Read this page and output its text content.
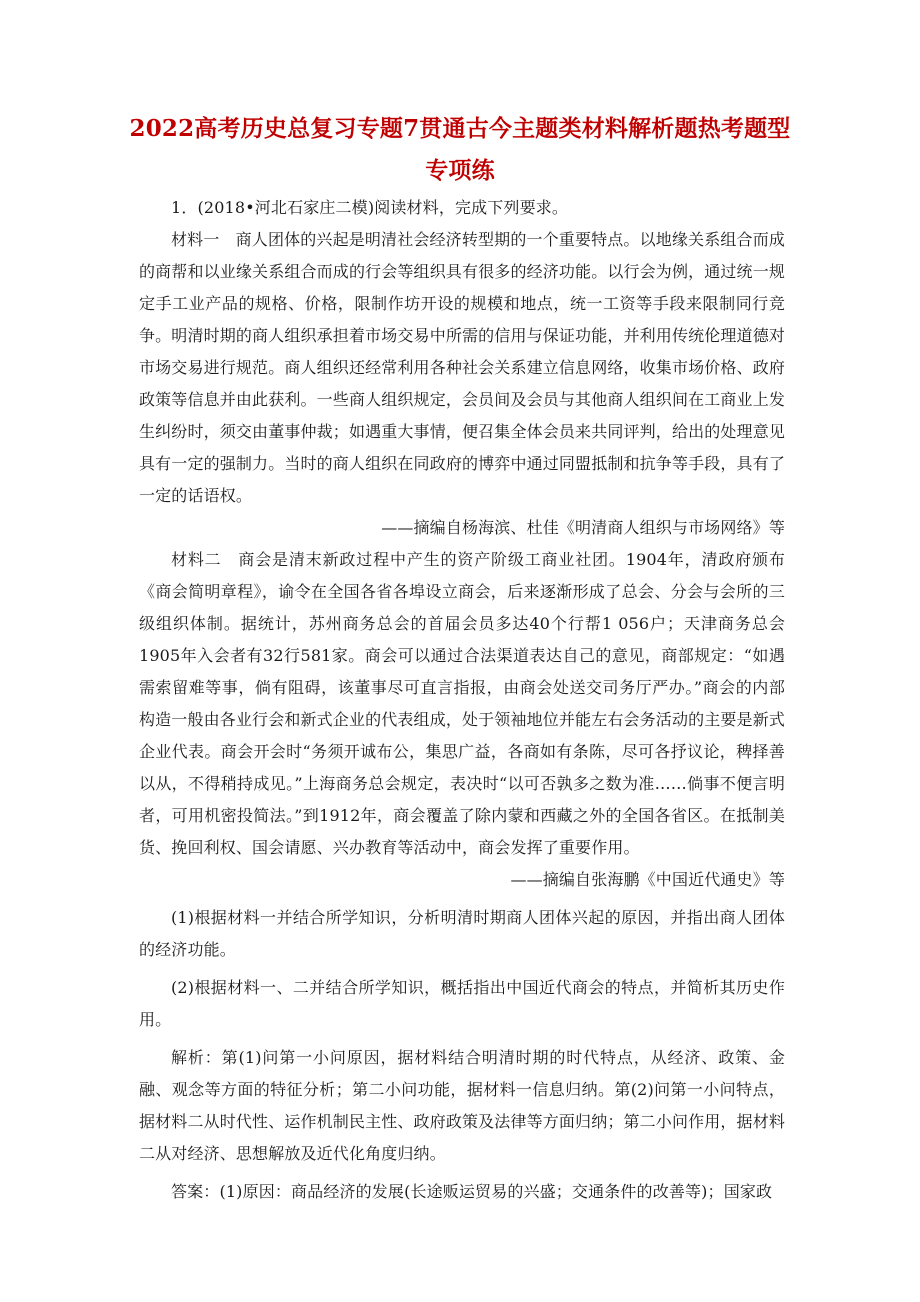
2022高考历史总复习专题7贯通古今主题类材料解析题热考题型专项练

1．(2018•河北石家庄二模)阅读材料，完成下列要求。

材料一　商人团体的兴起是明清社会经济转型期的一个重要特点。以地缘关系组合而成的商帮和以业缘关系组合而成的行会等组织具有很多的经济功能。以行会为例，通过统一规定手工业产品的规格、价格，限制作坊开设的规模和地点，统一工资等手段来限制同行竞争。明清时期的商人组织承担着市场交易中所需的信用与保证功能，并利用传统伦理道德对市场交易进行规范。商人组织还经常利用各种社会关系建立信息网络，收集市场价格、政府政策等信息并由此获利。一些商人组织规定，会员间及会员与其他商人组织间在工商业上发生纠纷时，须交由董事仲裁；如遇重大事情，便召集全体会员来共同评判，给出的处理意见具有一定的强制力。当时的商人组织在同政府的博弈中通过同盟抵制和抗争等手段，具有了一定的话语权。

——摘编自杨海滨、杜佳《明清商人组织与市场网络》等

材料二　商会是清末新政过程中产生的资产阶级工商业社团。1904年，清政府颁布《商会简明章程》，谕令在全国各省各埠设立商会，后来逐渐形成了总会、分会与会所的三级组织体制。据统计，苏州商务总会的首届会员多达40个行帮1 056户；天津商务总会1905年入会者有32行581家。商会可以通过合法渠道表达自己的意见，商部规定：“如遇需索留难等事，倘有阻碍，该董事尽可直言指报，由商会处送交司务厅严办。”商会的内部构造一般由各业行会和新式企业的代表组成，处于领袖地位并能左右会务活动的主要是新式企业代表。商会开会时“务须开诚布公，集思广益，各商如有条陈，尽可各抒议论，稗择善以从，不得稍持成见。”上海商务总会规定，表决时“以可否孰多之数为准……倘事不便言明者，可用机密投简法。”到1912年，商会覆盖了除内蒙和西藏之外的全国各省区。在抵制美货、挽回利权、国会请愿、兴办教育等活动中，商会发挥了重要作用。

——摘编自张海鹏《中国近代通史》等

(1)根据材料一并结合所学知识，分析明清时期商人团体兴起的原因，并指出商人团体的经济功能。

(2)根据材料一、二并结合所学知识，概括指出中国近代商会的特点，并简析其历史作用。

解析：第(1)问第一小问原因，据材料结合明清时期的时代特点，从经济、政策、金融、观念等方面的特征分析；第二小问功能，据材料一信息归纳。第(2)问第一小问特点，据材料二从时代性、运作机制民主性、政府政策及法律等方面归纳；第二小问作用，据材料二从对经济、思想解放及近代化角度归纳。

答案：(1)原因：商品经济的发展(长途贩运贸易的兴盛；交通条件的改善等)；国家政
